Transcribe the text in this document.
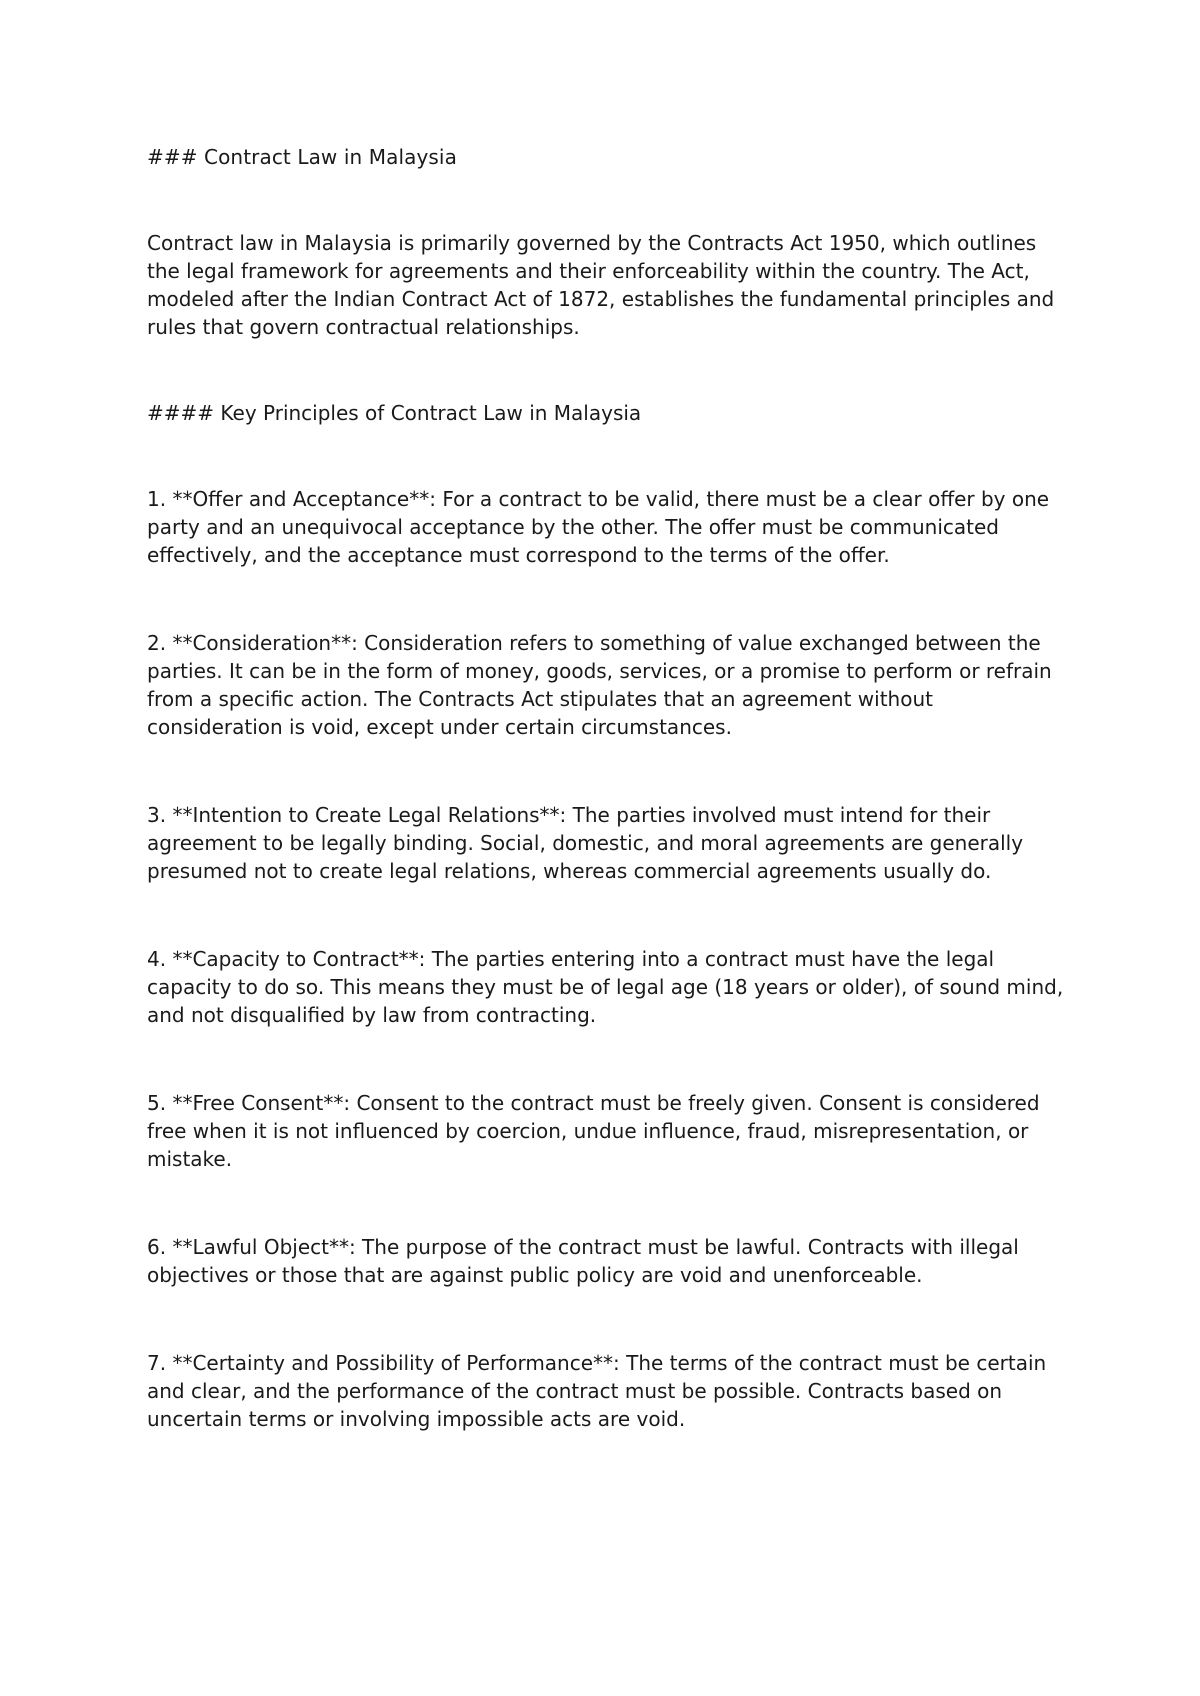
### Contract Law in Malaysia

Contract law in Malaysia is primarily governed by the Contracts Act 1950, which outlines the legal framework for agreements and their enforceability within the country. The Act, modeled after the Indian Contract Act of 1872, establishes the fundamental principles and rules that govern contractual relationships.

#### Key Principles of Contract Law in Malaysia
1. **Offer and Acceptance**: For a contract to be valid, there must be a clear offer by one party and an unequivocal acceptance by the other. The offer must be communicated effectively, and the acceptance must correspond to the terms of the offer.
2. **Consideration**: Consideration refers to something of value exchanged between the parties. It can be in the form of money, goods, services, or a promise to perform or refrain from a specific action. The Contracts Act stipulates that an agreement without consideration is void, except under certain circumstances.
3. **Intention to Create Legal Relations**: The parties involved must intend for their agreement to be legally binding. Social, domestic, and moral agreements are generally presumed not to create legal relations, whereas commercial agreements usually do.
4. **Capacity to Contract**: The parties entering into a contract must have the legal capacity to do so. This means they must be of legal age (18 years or older), of sound mind, and not disqualified by law from contracting.
5. **Free Consent**: Consent to the contract must be freely given. Consent is considered free when it is not influenced by coercion, undue influence, fraud, misrepresentation, or mistake.
6. **Lawful Object**: The purpose of the contract must be lawful. Contracts with illegal objectives or those that are against public policy are void and unenforceable.
7. **Certainty and Possibility of Performance**: The terms of the contract must be certain and clear, and the performance of the contract must be possible. Contracts based on uncertain terms or involving impossible acts are void.
